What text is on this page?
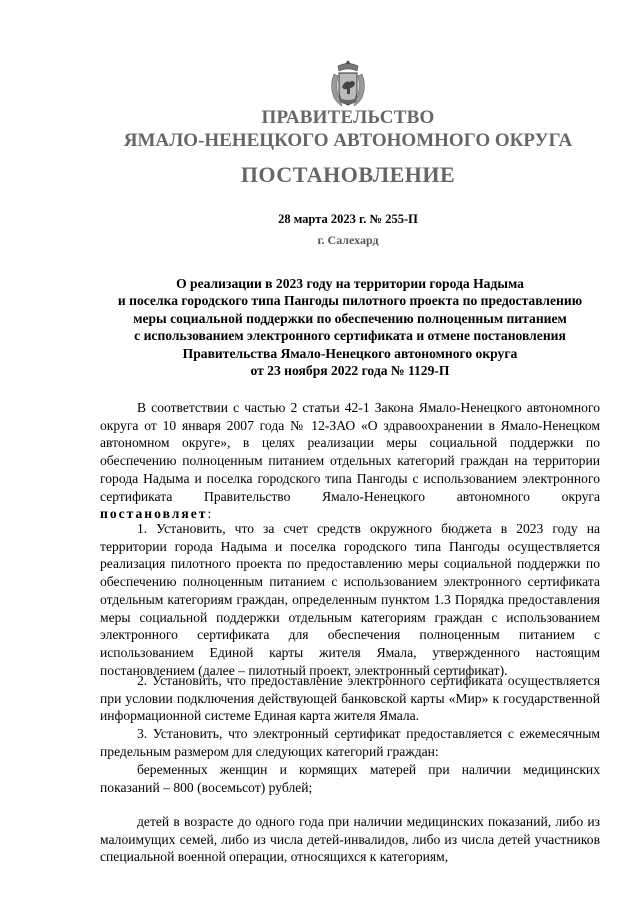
ПРАВИТЕЛЬСТВО

ЯМАЛО-НЕНЕЦКОГО АВТОНОМНОГО ОКРУГА

ПОСТАНОВЛЕНИЕ

28 марта 2023 г. № 255-П

г. Салехард

О реализации в 2023 году на территории города Надыма
и поселка городского типа Пангоды пилотного проекта по предоставлению
меры социальной поддержки по обеспечению полноценным питанием
с использованием электронного сертификата и отмене постановления
Правительства Ямало-Ненецкого автономного округа
от 23 ноября 2022 года № 1129-П

В соответствии с частью 2 статьи 42-1 Закона Ямало-Ненецкого автономного округа от 10 января 2007 года № 12-ЗАО «О здравоохранении в Ямало-Ненецком автономном округе», в целях реализации меры социальной поддержки по обеспечению полноценным питанием отдельных категорий граждан на территории города Надыма и поселка городского типа Пангоды с использованием электронного сертификата Правительство Ямало-Ненецкого автономного округа постановляет:

1. Установить, что за счет средств окружного бюджета в 2023 году на территории города Надыма и поселка городского типа Пангоды осуществляется реализация пилотного проекта по предоставлению меры социальной поддержки по обеспечению полноценным питанием с использованием электронного сертификата отдельным категориям граждан, определенным пунктом 1.3 Порядка предоставления меры социальной поддержки отдельным категориям граждан с использованием электронного сертификата для обеспечения полноценным питанием с использованием Единой карты жителя Ямала, утвержденного настоящим постановлением (далее – пилотный проект, электронный сертификат).

2. Установить, что предоставление электронного сертификата осуществляется при условии подключения действующей банковской карты «Мир» к государственной информационной системе Единая карта жителя Ямала.

3. Установить, что электронный сертификат предоставляется с ежемесячным предельным размером для следующих категорий граждан:

беременных женщин и кормящих матерей при наличии медицинских показаний – 800 (восемьсот) рублей;

детей в возрасте до одного года при наличии медицинских показаний, либо из малоимущих семей, либо из числа детей-инвалидов, либо из числа детей участников специальной военной операции, относящихся к категориям,
